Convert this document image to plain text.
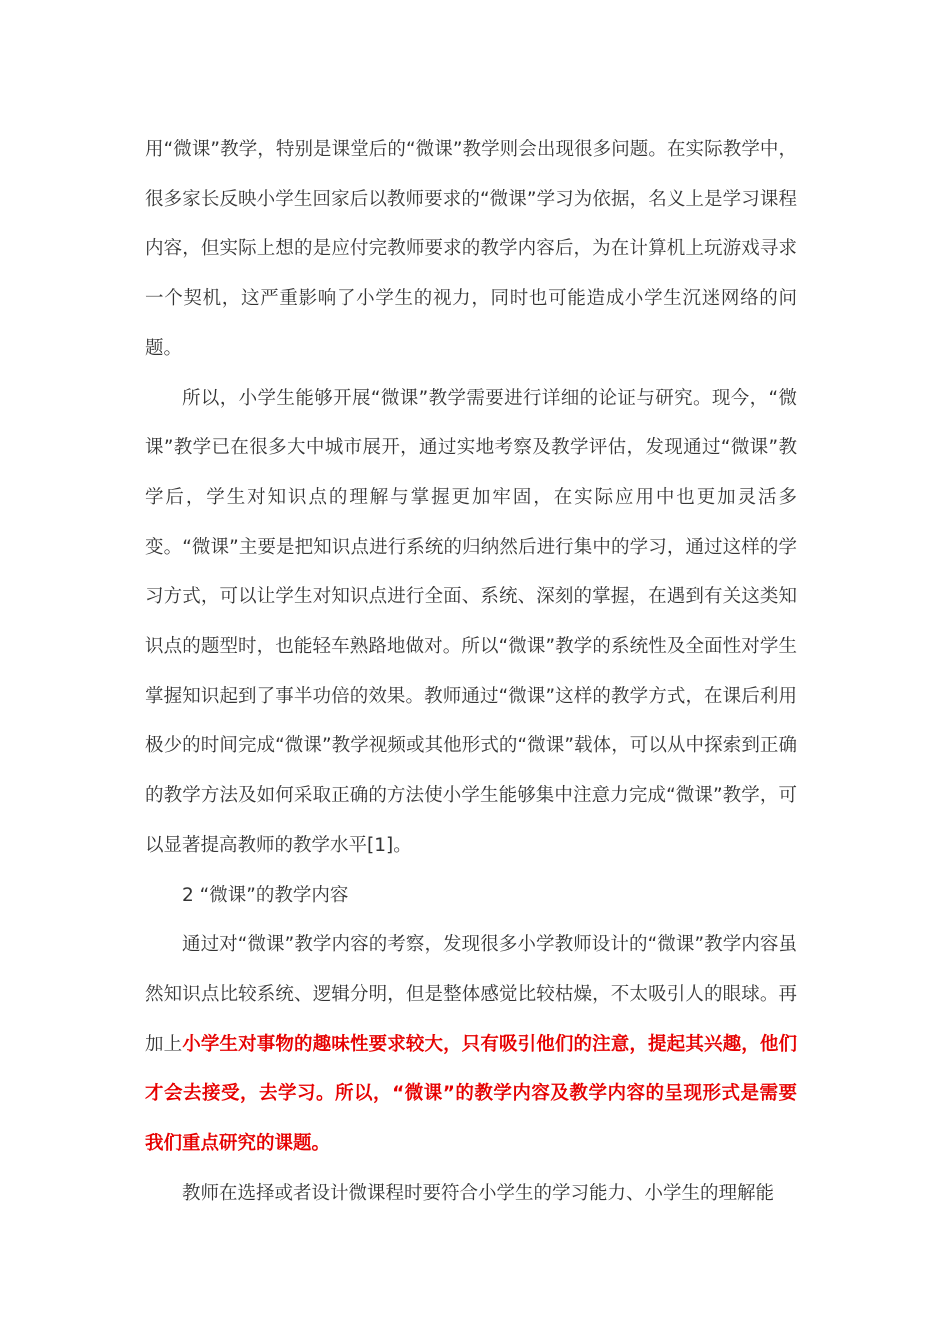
用“微课”教学，特别是课堂后的“微课”教学则会出现很多问题。在实际教学中，很多家长反映小学生回家后以教师要求的“微课”学习为依据，名义上是学习课程内容，但实际上想的是应付完教师要求的教学内容后，为在计算机上玩游戏寻求一个契机，这严重影响了小学生的视力，同时也可能造成小学生沉迷网络的问题。

所以，小学生能够开展“微课”教学需要进行详细的论证与研究。现今，“微课”教学已在很多大中城市展开，通过实地考察及教学评估，发现通过“微课”教学后，学生对知识点的理解与掌握更加牢固，在实际应用中也更加灵活多变。“微课”主要是把知识点进行系统的归纳然后进行集中的学习，通过这样的学习方式，可以让学生对知识点进行全面、系统、深刻的掌握，在遇到有关这类知识点的题型时，也能轻车熟路地做对。所以“微课”教学的系统性及全面性对学生掌握知识起到了事半功倍的效果。教师通过“微课”这样的教学方式，在课后利用极少的时间完成“微课”教学视频或其他形式的“微课”载体，可以从中探索到正确的教学方法及如何采取正确的方法使小学生能够集中注意力完成“微课”教学，可以显著提高教师的教学水平[1]。

2 “微课”的教学内容

通过对“微课”教学内容的考察，发现很多小学教师设计的“微课”教学内容虽然知识点比较系统、逻辑分明，但是整体感觉比较枯燥，不太吸引人的眼球。再加上小学生对事物的趣味性要求较大，只有吸引他们的注意，提起其兴趣，他们才会去接受，去学习。所以，“微课”的教学内容及教学内容的呈现形式是需要我们重点研究的课题。

教师在选择或者设计微课程时要符合小学生的学习能力、小学生的理解能
